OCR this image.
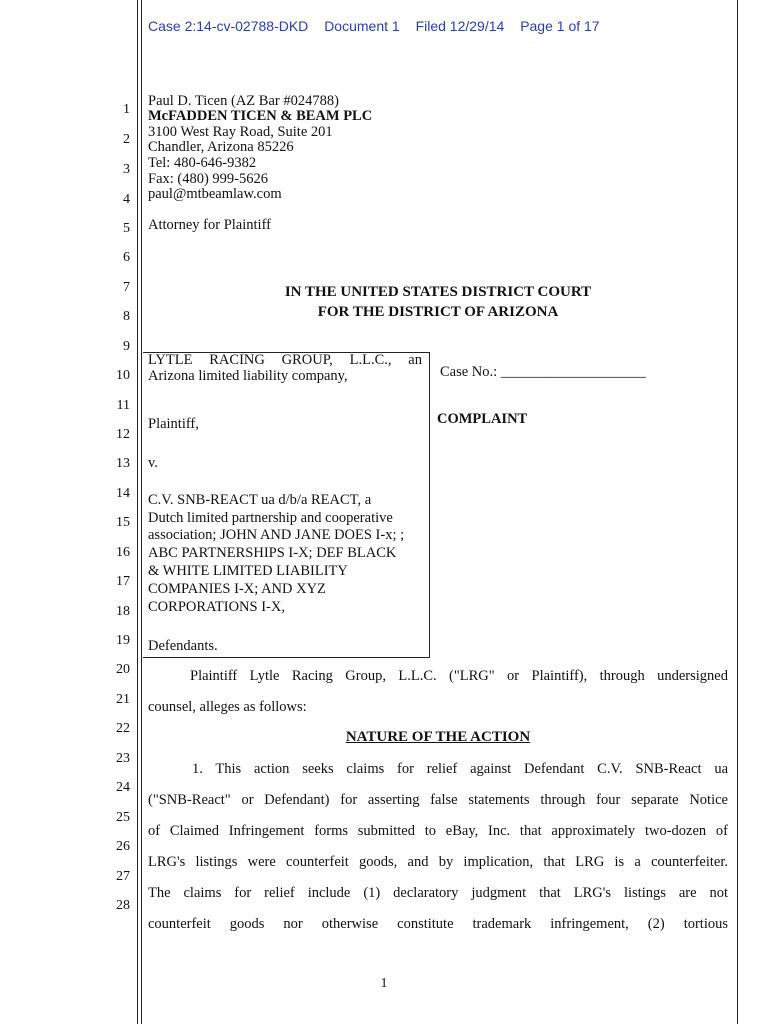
Case 2:14-cv-02788-DKD Document 1 Filed 12/29/14 Page 1 of 17
1
2
3
4
5
6
7
8
9
10
11
12
13
14
15
16
17
18
19
20
21
22
23
24
25
26
27
28
Paul D. Ticen (AZ Bar #024788)
McFADDEN TICEN & BEAM PLC
3100 West Ray Road, Suite 201
Chandler, Arizona 85226
Tel: 480-646-9382
Fax: (480) 999-5626
paul@mtbeamlaw.com
Attorney for Plaintiff
IN THE UNITED STATES DISTRICT COURT
FOR THE DISTRICT OF ARIZONA
LYTLE RACING GROUP, L.L.C., an
Arizona limited liability company,
Plaintiff,
v.
C.V. SNB-REACT ua d/b/a REACT, a
Dutch limited partnership and cooperative
association; JOHN AND JANE DOES I-x; ;
ABC PARTNERSHIPS I-X; DEF BLACK
& WHITE LIMITED LIABILITY
COMPANIES I-X; AND XYZ
CORPORATIONS I-X,
Defendants.
Case No.: ____________________
COMPLAINT
Plaintiff Lytle Racing Group, L.L.C. ("LRG" or Plaintiff), through undersigned
counsel, alleges as follows:
NATURE OF THE ACTION
1. This action seeks claims for relief against Defendant C.V. SNB-React ua
("SNB-React" or Defendant) for asserting false statements through four separate Notice
of Claimed Infringement forms submitted to eBay, Inc. that approximately two-dozen of
LRG's listings were counterfeit goods, and by implication, that LRG is a counterfeiter.
The claims for relief include (1) declaratory judgment that LRG's listings are not
counterfeit goods nor otherwise constitute trademark infringement, (2) tortious
1
